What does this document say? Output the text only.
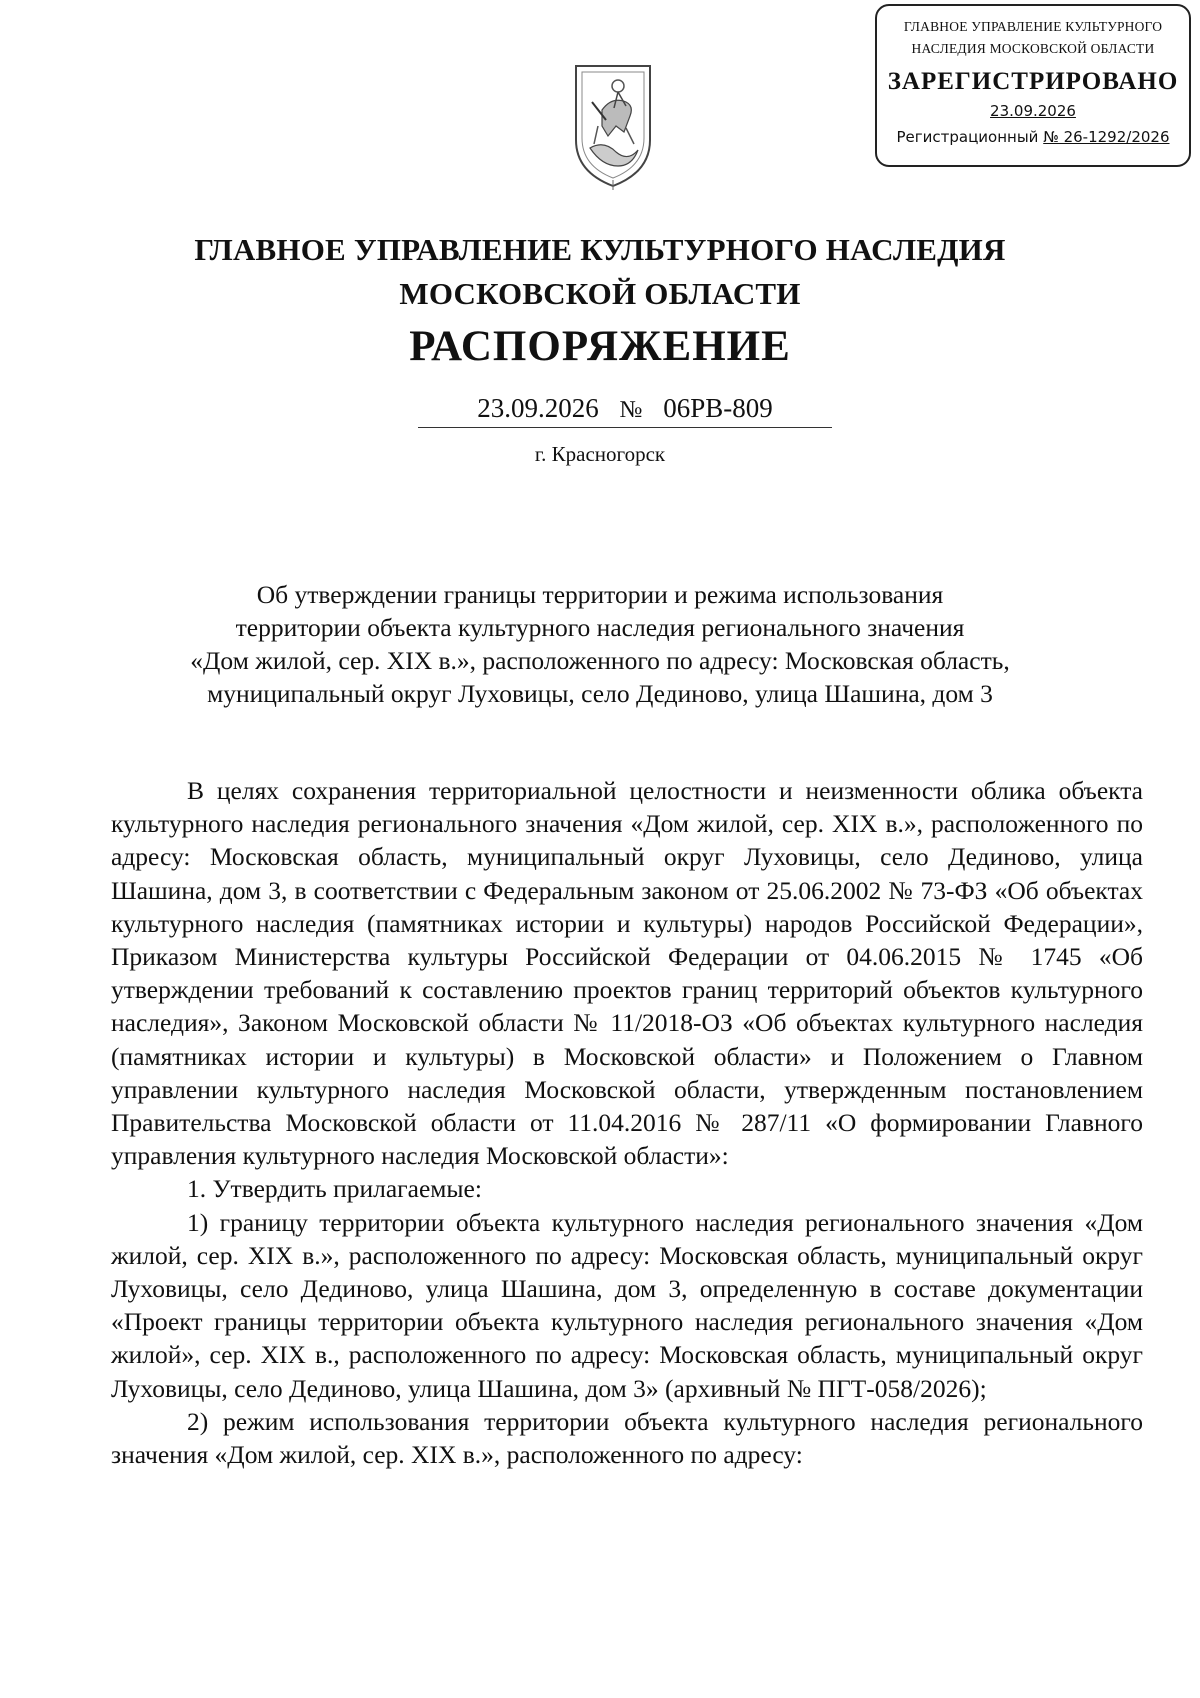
ГЛАВНОЕ УПРАВЛЕНИЕ КУЛЬТУРНОГО
НАСЛЕДИЯ МОСКОВСКОЙ ОБЛАСТИ
ЗАРЕГИСТРИРОВАНО
23.09.2026
Регистрационный № 26-1292/2026
ГЛАВНОЕ УПРАВЛЕНИЕ КУЛЬТУРНОГО НАСЛЕДИЯ
МОСКОВСКОЙ ОБЛАСТИ
РАСПОРЯЖЕНИЕ
23.09.2026 № 06РВ-809
г. Красногорск
Об утверждении границы территории и режима использования
территории объекта культурного наследия регионального значения
«Дом жилой, сер. XIX в.», расположенного по адресу: Московская область,
муниципальный округ Луховицы, село Дединово, улица Шашина, дом 3

В целях сохранения территориальной целостности и неизменности облика объекта культурного наследия регионального значения «Дом жилой, сер. XIX в.», расположенного по адресу: Московская область, муниципальный округ Луховицы, село Дединово, улица Шашина, дом 3, в соответствии с Федеральным законом от 25.06.2002 № 73-ФЗ «Об объектах культурного наследия (памятниках истории и культуры) народов Российской Федерации», Приказом Министерства культуры Российской Федерации от 04.06.2015 № 1745 «Об утверждении требований к составлению проектов границ территорий объектов культурного наследия», Законом Московской области № 11/2018-ОЗ «Об объектах культурного наследия (памятниках истории и культуры) в Московской области» и Положением о Главном управлении культурного наследия Московской области, утвержденным постановлением Правительства Московской области от 11.04.2016 № 287/11 «О формировании Главного управления культурного наследия Московской области»:

1. Утвердить прилагаемые:

1) границу территории объекта культурного наследия регионального значения «Дом жилой, сер. XIX в.», расположенного по адресу: Московская область, муниципальный округ Луховицы, село Дединово, улица Шашина, дом 3, определенную в составе документации «Проект границы территории объекта культурного наследия регионального значения «Дом жилой», сер. XIX в., расположенного по адресу: Московская область, муниципальный округ Луховицы, село Дединово, улица Шашина, дом 3» (архивный № ПГТ-058/2026);

2) режим использования территории объекта культурного наследия регионального значения «Дом жилой, сер. XIX в.», расположенного по адресу:
